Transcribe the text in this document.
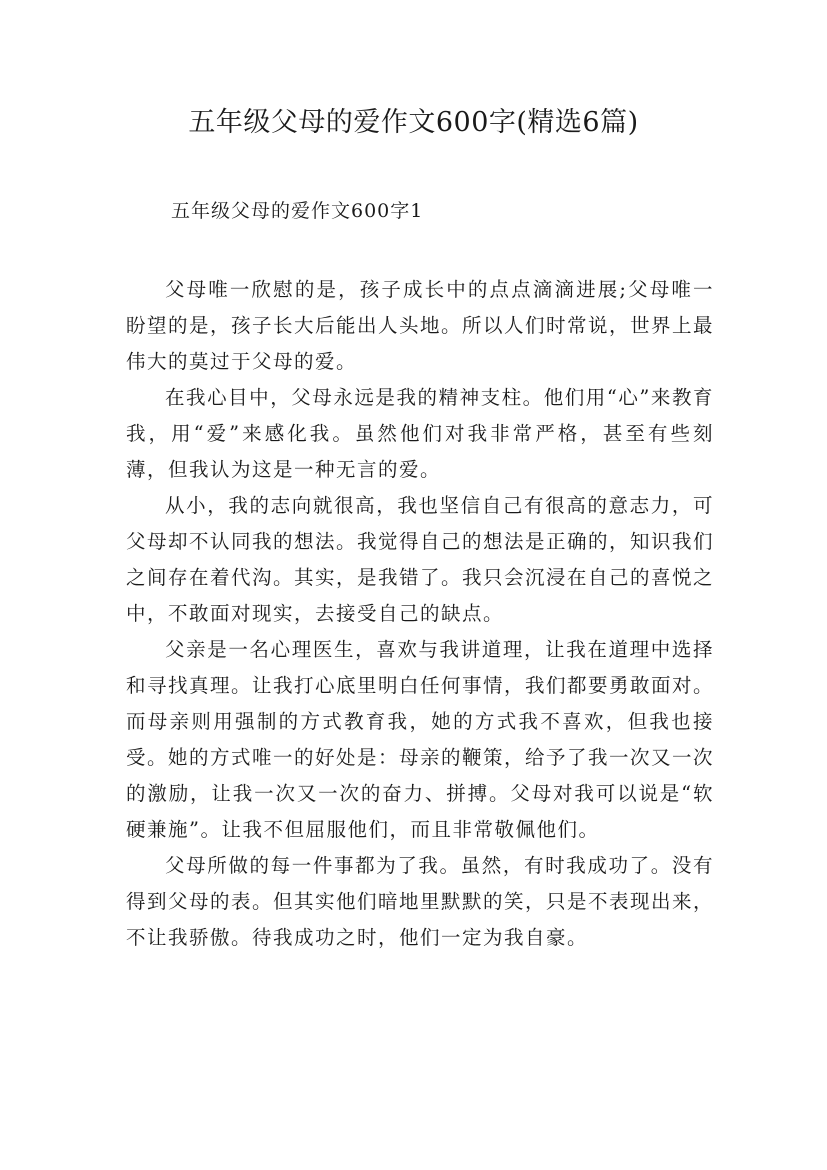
五年级父母的爱作文600字(精选6篇)
五年级父母的爱作文600字1

父母唯一欣慰的是，孩子成长中的点点滴滴进展;父母唯一盼望的是，孩子长大后能出人头地。所以人们时常说，世界上最伟大的莫过于父母的爱。

在我心目中，父母永远是我的精神支柱。他们用“心”来教育我，用“爱”来感化我。虽然他们对我非常严格，甚至有些刻薄，但我认为这是一种无言的爱。

从小，我的志向就很高，我也坚信自己有很高的意志力，可父母却不认同我的想法。我觉得自己的想法是正确的，知识我们之间存在着代沟。其实，是我错了。我只会沉浸在自己的喜悦之中，不敢面对现实，去接受自己的缺点。

父亲是一名心理医生，喜欢与我讲道理，让我在道理中选择和寻找真理。让我打心底里明白任何事情，我们都要勇敢面对。而母亲则用强制的方式教育我，她的方式我不喜欢，但我也接受。她的方式唯一的好处是：母亲的鞭策，给予了我一次又一次的激励，让我一次又一次的奋力、拼搏。父母对我可以说是“软硬兼施”。让我不但屈服他们，而且非常敬佩他们。

父母所做的每一件事都为了我。虽然，有时我成功了。没有得到父母的表。但其实他们暗地里默默的笑，只是不表现出来，不让我骄傲。待我成功之时，他们一定为我自豪。
